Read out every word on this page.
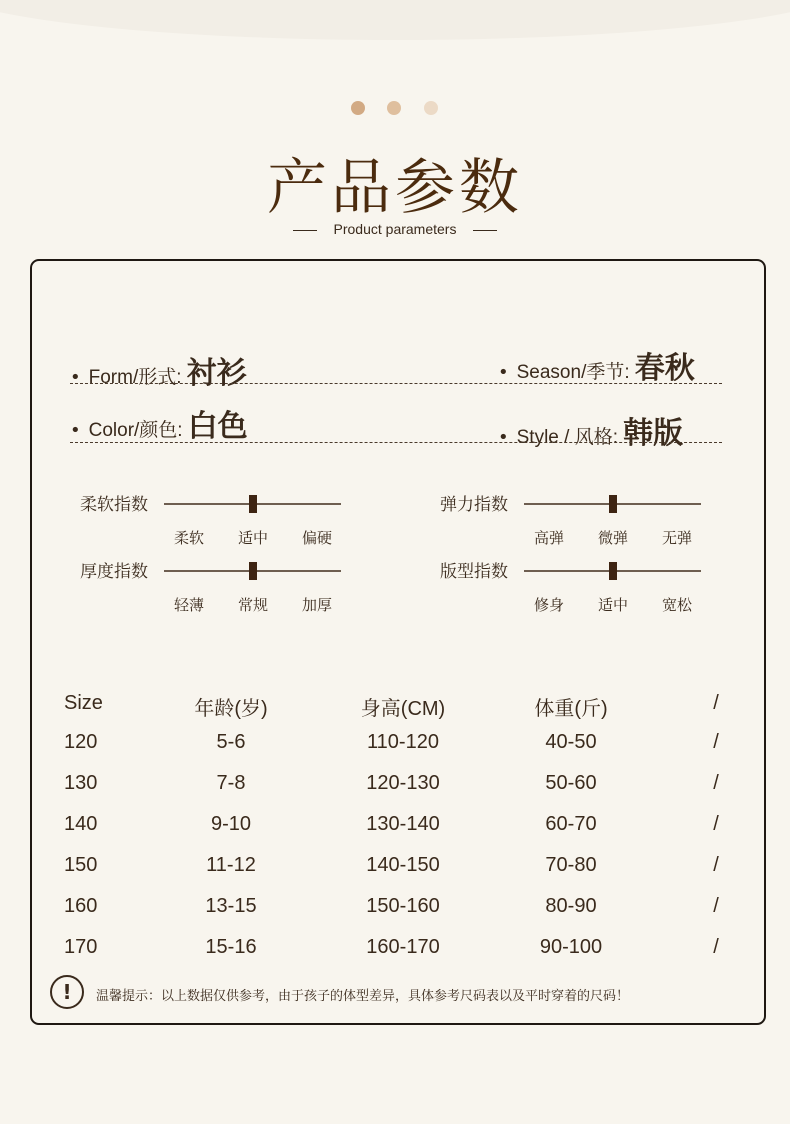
产品参数
Product parameters
• Form/形式: 衬衫	• Season/季节: 春秋
• Color/颜色: 白色	• Style / 风格: 韩版
柔软指数
柔软 适中 偏硬
弹力指数
高弹 微弹 无弹
厚度指数
轻薄 常规 加厚
版型指数
修身 适中 宽松
Size	年龄(岁)	身高(CM)	体重(斤)	/
120	5-6	110-120	40-50	/
130	7-8	120-130	50-60	/
140	9-10	130-140	60-70	/
150	11-12	140-150	70-80	/
160	13-15	150-160	80-90	/
170	15-16	160-170	90-100	/
!	温馨提示：以上数据仅供参考，由于孩子的体型差异，具体参考尺码表以及平时穿着的尺码！
